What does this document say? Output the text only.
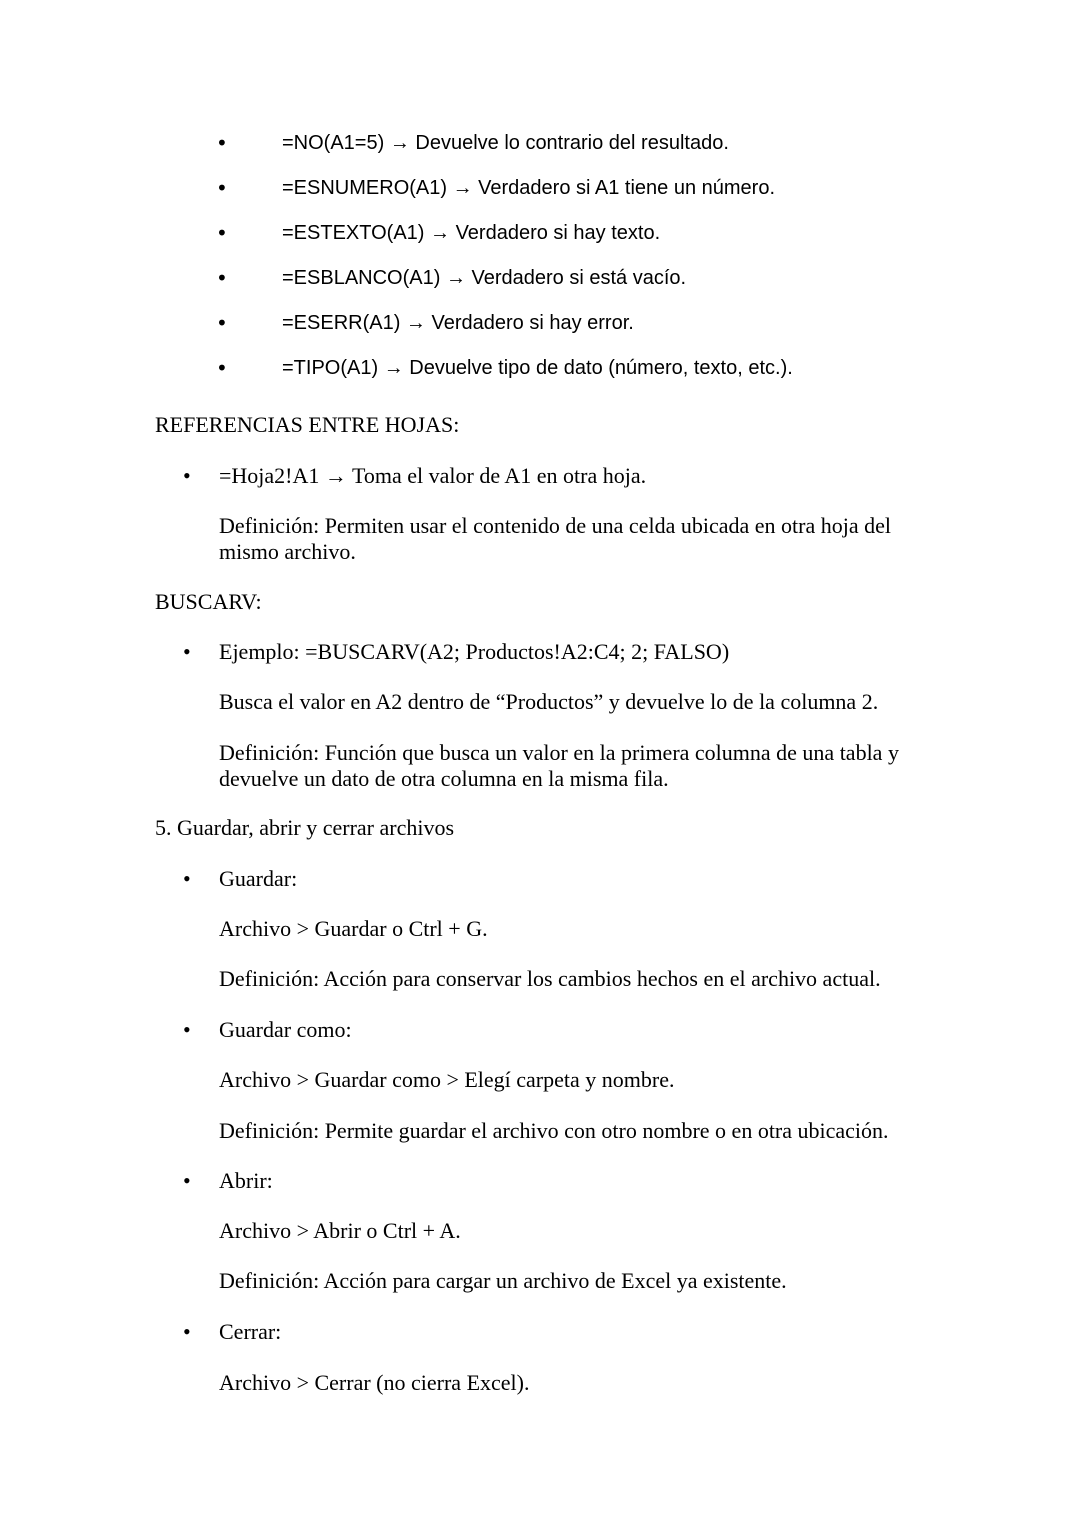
•	=NO(A1=5) → Devuelve lo contrario del resultado.
•	=ESNUMERO(A1) → Verdadero si A1 tiene un número.
•	=ESTEXTO(A1) → Verdadero si hay texto.
•	=ESBLANCO(A1) → Verdadero si está vacío.
•	=ESERR(A1) → Verdadero si hay error.
•	=TIPO(A1) → Devuelve tipo de dato (número, texto, etc.).
REFERENCIAS ENTRE HOJAS:
• =Hoja2!A1 → Toma el valor de A1 en otra hoja.
Definición: Permiten usar el contenido de una celda ubicada en otra hoja del mismo archivo.
BUSCARV:
• Ejemplo: =BUSCARV(A2; Productos!A2:C4; 2; FALSO)
Busca el valor en A2 dentro de “Productos” y devuelve lo de la columna 2.
Definición: Función que busca un valor en la primera columna de una tabla y devuelve un dato de otra columna en la misma fila.
5. Guardar, abrir y cerrar archivos
• Guardar:
Archivo > Guardar o Ctrl + G.
Definición: Acción para conservar los cambios hechos en el archivo actual.
• Guardar como:
Archivo > Guardar como > Elegí carpeta y nombre.
Definición: Permite guardar el archivo con otro nombre o en otra ubicación.
• Abrir:
Archivo > Abrir o Ctrl + A.
Definición: Acción para cargar un archivo de Excel ya existente.
• Cerrar:
Archivo > Cerrar (no cierra Excel).
